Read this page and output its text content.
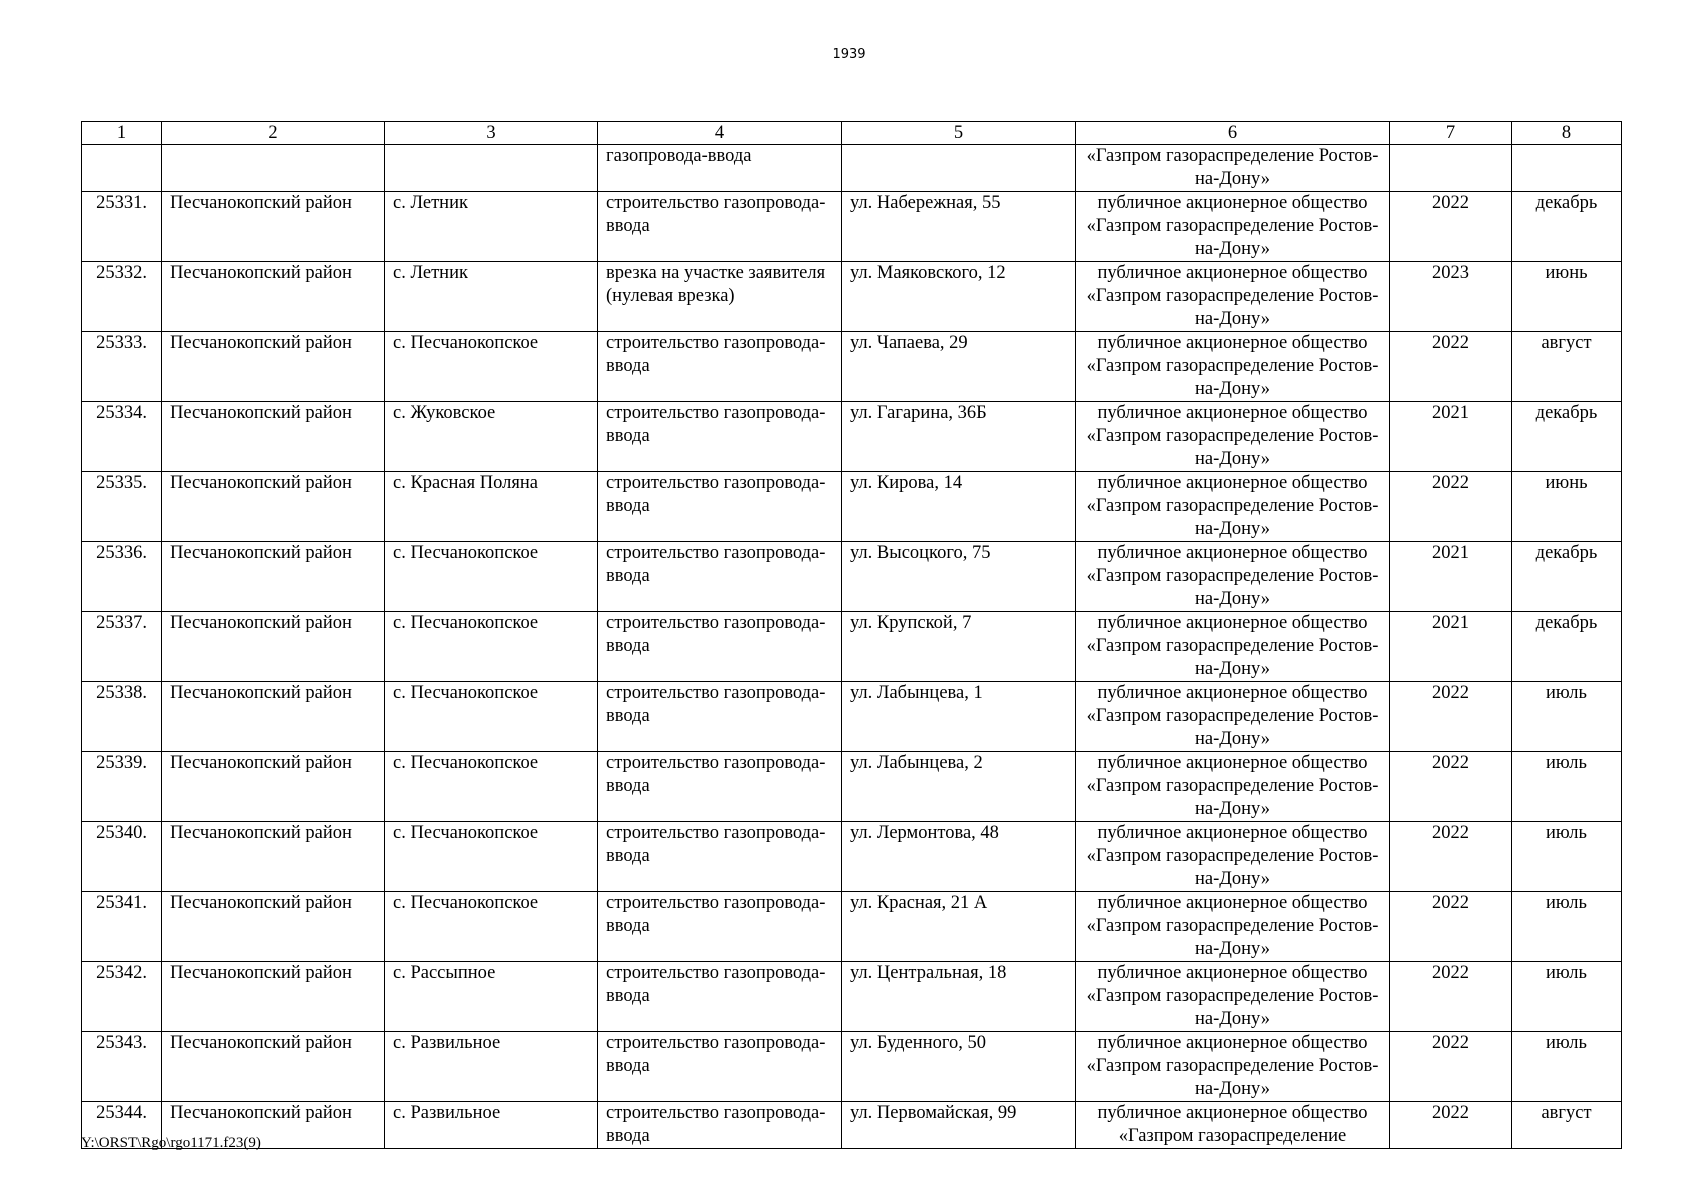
1939
1	2	3	4	5	6	7	8
			газопровода-ввода		«Газпром газораспределение Ростов-на-Дону»		
25331.	Песчанокопский район	с. Летник	строительство газопровода-ввода	ул. Набережная, 55	публичное акционерное общество «Газпром газораспределение Ростов-на-Дону»	2022	декабрь
25332.	Песчанокопский район	с. Летник	врезка на участке заявителя (нулевая врезка)	ул. Маяковского, 12	публичное акционерное общество «Газпром газораспределение Ростов-на-Дону»	2023	июнь
25333.	Песчанокопский район	с. Песчанокопское	строительство газопровода-ввода	ул. Чапаева, 29	публичное акционерное общество «Газпром газораспределение Ростов-на-Дону»	2022	август
25334.	Песчанокопский район	с. Жуковское	строительство газопровода-ввода	ул. Гагарина, 36Б	публичное акционерное общество «Газпром газораспределение Ростов-на-Дону»	2021	декабрь
25335.	Песчанокопский район	с. Красная Поляна	строительство газопровода-ввода	ул. Кирова, 14	публичное акционерное общество «Газпром газораспределение Ростов-на-Дону»	2022	июнь
25336.	Песчанокопский район	с. Песчанокопское	строительство газопровода-ввода	ул. Высоцкого, 75	публичное акционерное общество «Газпром газораспределение Ростов-на-Дону»	2021	декабрь
25337.	Песчанокопский район	с. Песчанокопское	строительство газопровода-ввода	ул. Крупской, 7	публичное акционерное общество «Газпром газораспределение Ростов-на-Дону»	2021	декабрь
25338.	Песчанокопский район	с. Песчанокопское	строительство газопровода-ввода	ул. Лабынцева, 1	публичное акционерное общество «Газпром газораспределение Ростов-на-Дону»	2022	июль
25339.	Песчанокопский район	с. Песчанокопское	строительство газопровода-ввода	ул. Лабынцева, 2	публичное акционерное общество «Газпром газораспределение Ростов-на-Дону»	2022	июль
25340.	Песчанокопский район	с. Песчанокопское	строительство газопровода-ввода	ул. Лермонтова, 48	публичное акционерное общество «Газпром газораспределение Ростов-на-Дону»	2022	июль
25341.	Песчанокопский район	с. Песчанокопское	строительство газопровода-ввода	ул. Красная, 21 А	публичное акционерное общество «Газпром газораспределение Ростов-на-Дону»	2022	июль
25342.	Песчанокопский район	с. Рассыпное	строительство газопровода-ввода	ул. Центральная, 18	публичное акционерное общество «Газпром газораспределение Ростов-на-Дону»	2022	июль
25343.	Песчанокопский район	с. Развильное	строительство газопровода-ввода	ул. Буденного, 50	публичное акционерное общество «Газпром газораспределение Ростов-на-Дону»	2022	июль
25344.	Песчанокопский район	с. Развильное	строительство газопровода-ввода	ул. Первомайская, 99	публичное акционерное общество «Газпром газораспределение	2022	август
Y:\ORST\Rgo\rgo1171.f23(9)
